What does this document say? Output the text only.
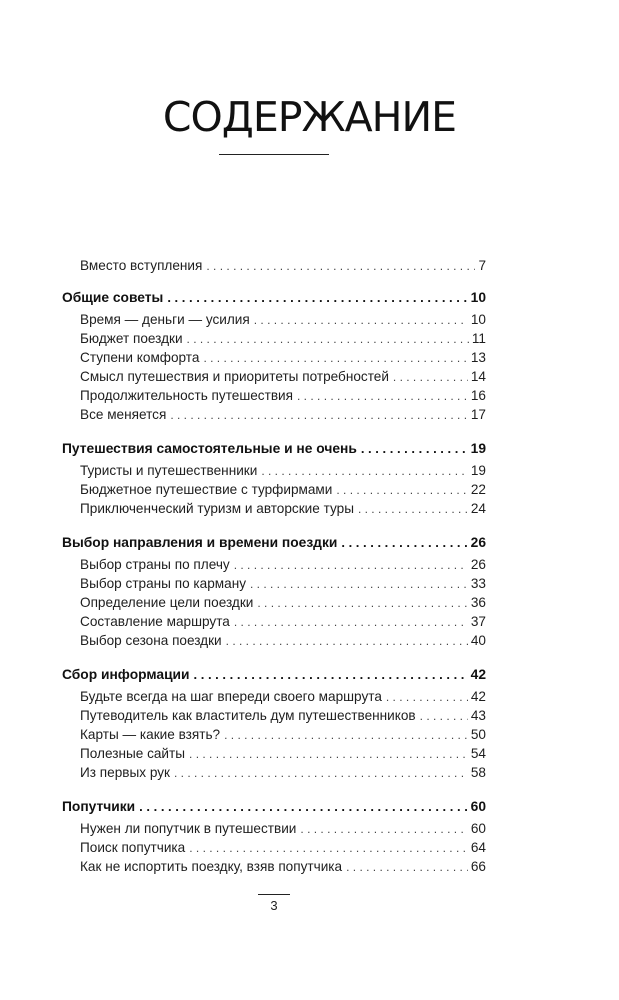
СОДЕРЖАНИЕ
Вместо вступления . . .	7
Общие советы . . .	10
Время — деньги — усилия . . .	10
Бюджет поездки . . .	11
Ступени комфорта . . .	13
Смысл путешествия и приоритеты потребностей . . .	14
Продолжительность путешествия . . .	16
Все меняется . . .	17
Путешествия самостоятельные и не очень . . .	19
Туристы и путешественники . . .	19
Бюджетное путешествие с турфирмами . . .	22
Приключенческий туризм и авторские туры . . .	24
Выбор направления и времени поездки . . .	26
Выбор страны по плечу . . .	26
Выбор страны по карману . . .	33
Определение цели поездки . . .	36
Составление маршрута . . .	37
Выбор сезона поездки . . .	40
Сбор информации . . .	42
Будьте всегда на шаг впереди своего маршрута . . .	42
Путеводитель как властитель дум путешественников . . .	43
Карты — какие взять? . . .	50
Полезные сайты . . .	54
Из первых рук . . .	58
Попутчики . . .	60
Нужен ли попутчик в путешествии . . .	60
Поиск попутчика . . .	64
Как не испортить поездку, взяв попутчика . . .	66
3
